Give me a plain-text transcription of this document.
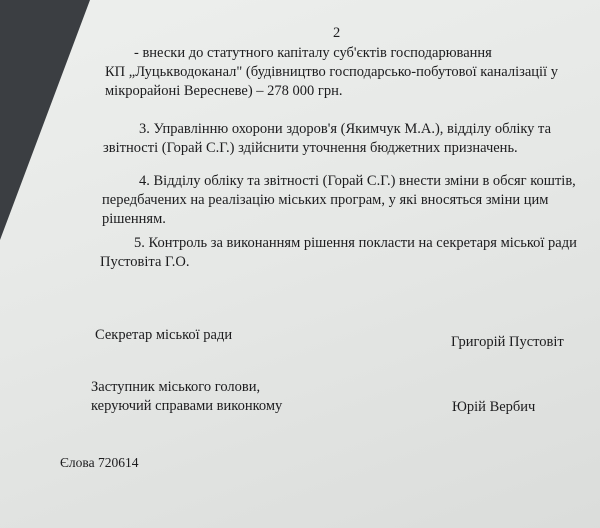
2
- внески до статутного капіталу суб'єктів господарювання
КП „Луцькводоканал" (будівництво господарсько-побутової каналізації у
мікрорайоні Вересневе) – 278 000 грн.
3. Управлінню охорони здоров'я (Якимчук М.А.), відділу обліку та
звітності (Горай С.Г.) здійснити уточнення бюджетних призначень.
4. Відділу обліку та звітності (Горай С.Г.) внести зміни в обсяг коштів,
передбачених на реалізацію міських програм, у які вносяться зміни цим
рішенням.
5. Контроль за виконанням рішення покласти на секретаря міської ради
Пустовіта Г.О.
Секретар міської ради	Григорій Пустовіт
Заступник міського голови,
керуючий справами виконкому	Юрій Вербич
Єлова 720614
